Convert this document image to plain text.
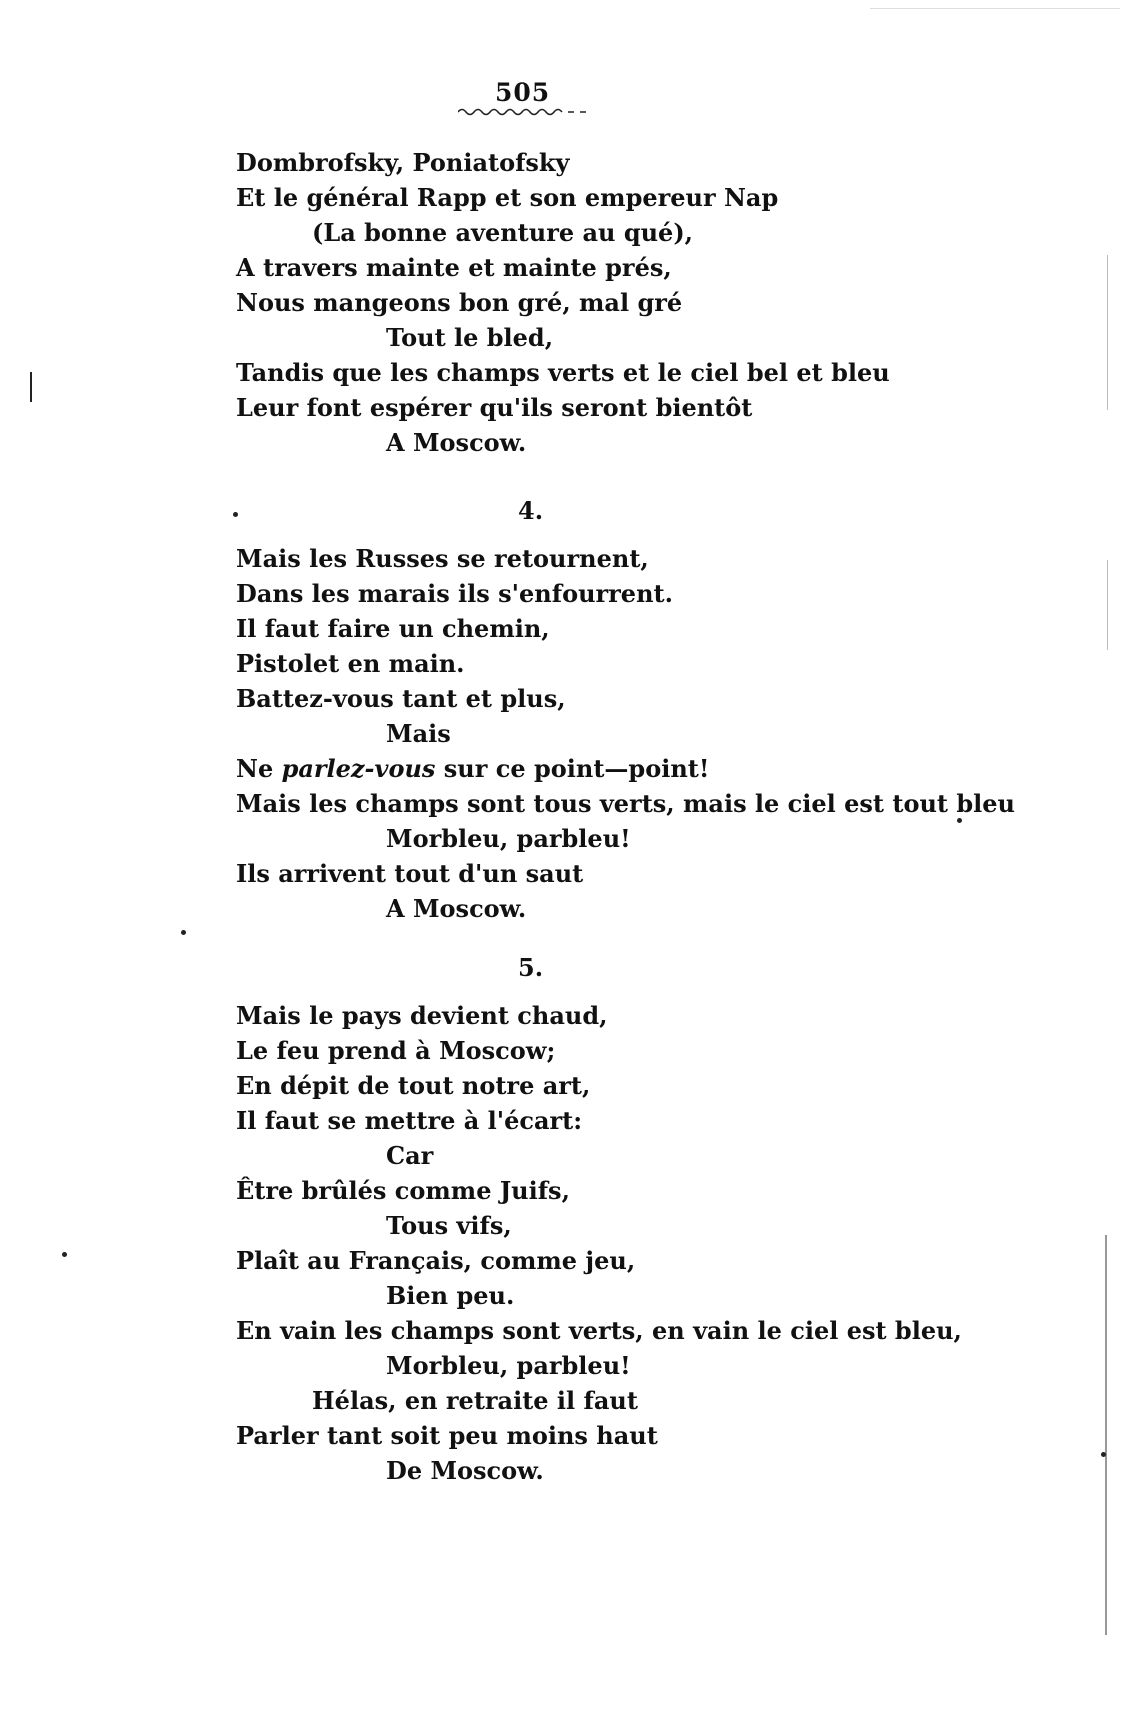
505
Dombrofsky, Poniatofsky
Et le général Rapp et son empereur Nap
(La bonne aventure au qué),
A travers mainte et mainte prés,
Nous mangeons bon gré, mal gré
Tout le bled,
Tandis que les champs verts et le ciel bel et bleu
Leur font espérer qu'ils seront bientôt
A Moscow.
4.
Mais les Russes se retournent,
Dans les marais ils s'enfourrent.
Il faut faire un chemin,
Pistolet en main.
Battez-vous tant et plus,
Mais
Ne parlez-vous sur ce point—point!
Mais les champs sont tous verts, mais le ciel est tout bleu
Morbleu, parbleu!
Ils arrivent tout d'un saut
A Moscow.
5.
Mais le pays devient chaud,
Le feu prend à Moscow;
En dépit de tout notre art,
Il faut se mettre à l'écart:
Car
Être brûlés comme Juifs,
Tous vifs,
Plaît au Français, comme jeu,
Bien peu.
En vain les champs sont verts, en vain le ciel est bleu,
Morbleu, parbleu!
Hélas, en retraite il faut
Parler tant soit peu moins haut
De Moscow.
